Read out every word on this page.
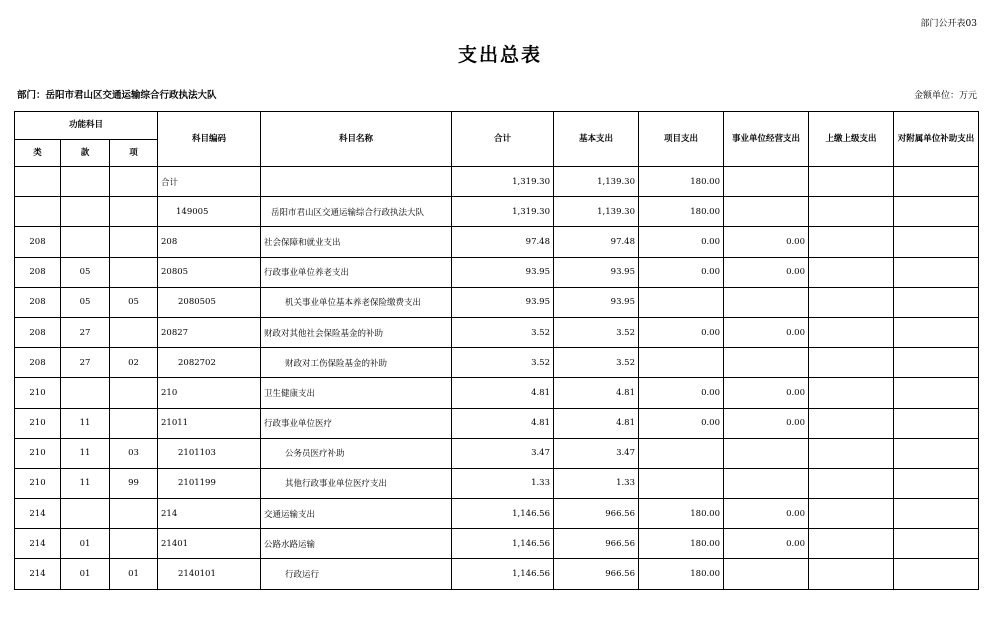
部门公开表03
支出总表
部门：岳阳市君山区交通运输综合行政执法大队	金额单位：万元
功能科目			科目编码	科目名称	合计	基本支出	项目支出	事业单位经营支出	上缴上级支出	对附属单位补助支出
类	款	项								
			合计		1,319.30	1,139.30	180.00			
			149005	岳阳市君山区交通运输综合行政执法大队	1,319.30	1,139.30	180.00			
208			208	社会保障和就业支出	97.48	97.48	0.00	0.00		
208	05		20805	行政事业单位养老支出	93.95	93.95	0.00	0.00		
208	05	05	2080505	机关事业单位基本养老保险缴费支出	93.95	93.95				
208	27		20827	财政对其他社会保险基金的补助	3.52	3.52	0.00	0.00		
208	27	02	2082702	财政对工伤保险基金的补助	3.52	3.52				
210			210	卫生健康支出	4.81	4.81	0.00	0.00		
210	11		21011	行政事业单位医疗	4.81	4.81	0.00	0.00		
210	11	03	2101103	公务员医疗补助	3.47	3.47				
210	11	99	2101199	其他行政事业单位医疗支出	1.33	1.33				
214			214	交通运输支出	1,146.56	966.56	180.00	0.00		
214	01		21401	公路水路运输	1,146.56	966.56	180.00	0.00		
214	01	01	2140101	行政运行	1,146.56	966.56	180.00			
